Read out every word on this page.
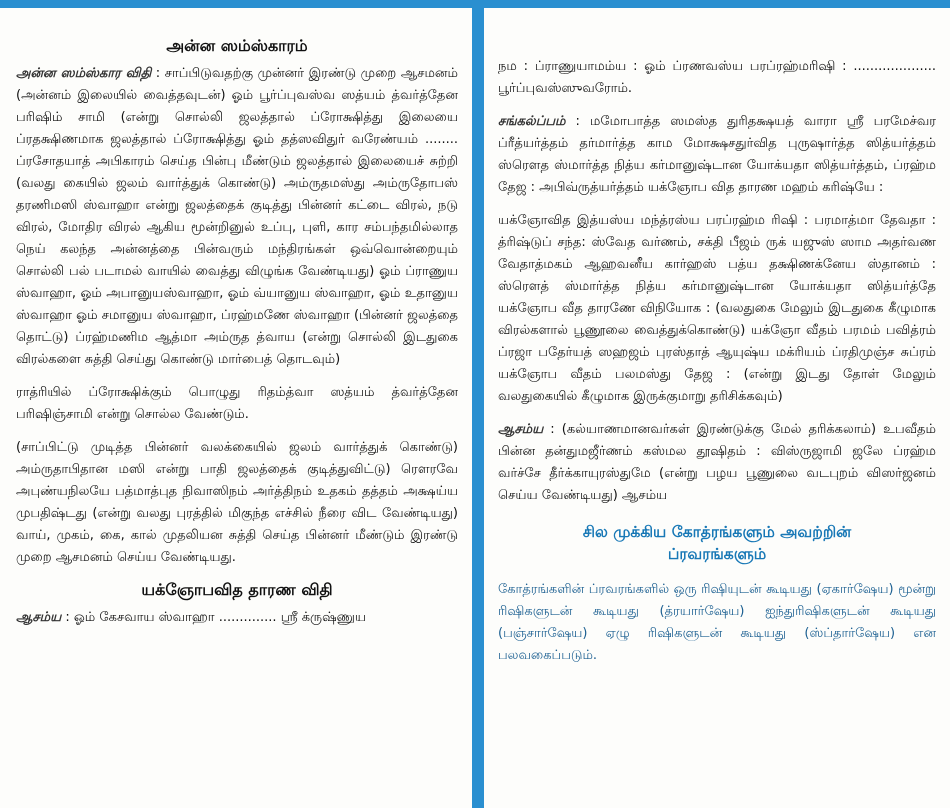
அன்ன ஸம்ஸ்காரம்

அன்ன ஸம்ஸ்கார விதி : சாப்பிடுவதற்கு முன்னர் இரண்டு முறை ஆசமனம் (அன்னம் இலையில் வைத்தவுடன்) ஓம் பூர்ப்புவஸ்வ ஸத்யம் த்வர்த்தேன பரிஷிம் சாமி (என்று சொல்லி ஜலத்தால் ப்ரோக்ஷித்து இலையை ப்ரதக்ஷிணமாக ஜலத்தால் ப்ரோக்ஷித்து ஓம் தத்ஸவிதுர் வரேண்யம் ........ ப்ரசோதயாத் அபிகாரம் செய்த பின்பு மீண்டும் ஜலத்தால் இலையைச் சுற்றி (வலது கையில் ஜலம் வார்த்துக் கொண்டு) அம்ருதமஸ்து அம்ருதோபஸ் தரணிமஸி ஸ்வாஹா என்று ஜலத்தைக் குடித்து பின்னர் கட்டை விரல், நடு விரல், மோதிர விரல் ஆகிய மூன்றினுல் உப்பு, புளி, கார சம்பந்தமில்லாத நெய் கலந்த அன்னத்தை பின்வரும் மந்திரங்கள் ஒவ்வொன்றையும் சொல்லி பல் படாமல் வாயில் வைத்து விழுங்க வேண்டியது) ஓம் ப்ராணுய ஸ்வாஹா, ஓம் அபானுயஸ்வாஹா, ஓம் வ்யானுய ஸ்வாஹா, ஓம் உதானுய ஸ்வாஹா ஓம் சமானுய ஸ்வாஹா, ப்ரஹ்மணே ஸ்வாஹா (பின்னர் ஜலத்தை தொட்டு) ப்ரஹ்மணிம ஆத்மா அம்ருத த்வாய (என்று சொல்லி இடதுகை விரல்களை சுத்தி செய்து கொண்டு மார்பைத் தொடவும்)

ராத்ரியில் ப்ரோக்ஷிக்கும் பொழுது ரிதம்த்வா ஸத்யம் த்வர்த்தேன பரிஷிஞ்சாமி என்று சொல்ல வேண்டும்.

(சாப்பிட்டு முடித்த பின்னர் வலக்கையில் ஜலம் வார்த்துக் கொண்டு) அம்ருதாபிதான மஸி என்று பாதி ஜலத்தைக் குடித்துவிட்டு) ரௌரவே அபுண்யநிலயே பத்மாத்புத நிவாஸிநம் அர்த்திநம் உதகம் தத்தம் அக்ஷய்ய முபதிஷ்டது (என்று வலது புரத்தில் மிகுந்த எச்சில் நீரை விட வேண்டியது) வாய், முகம், கை, கால் முதலியன சுத்தி செய்த பின்னர் மீண்டும் இரண்டு முறை ஆசமனம் செய்ய வேண்டியது.

யக்ஞோபவித தாரண விதி

ஆசம்ய : ஓம் கேசவாய ஸ்வாஹா .............. ஸ்ரீ க்ருஷ்ணுய

நம : ப்ராணுயாமம்ய : ஓம் ப்ரணவஸ்ய பரப்ரஹ்மரிஷி : .................... பூர்ப்புவஸ்ஸுவரோம்.

சங்கல்ப்பம் : மமோபாத்த ஸமஸ்த துரிதக்ஷயத் வாரா ஸ்ரீ பரமேச்வர ப்ரீத்யர்த்தம் தர்மார்த்த காம மோக்ஷசதுர்வித புருஷார்த்த ஸித்யர்த்தம் ஸ்ரௌத ஸ்மார்த்த நித்ய கர்மானுஷ்டான யோக்யதா ஸித்யர்த்தம், ப்ரஹ்ம தேஜ : அபிவ்ருத்யர்த்தம் யக்ஞோப வித தாரண மஹம் கரிஷ்யே :

யக்ஞோவித இத்யஸ்ய மந்த்ரஸ்ய பரப்ரஹ்ம ரிஷி : பரமாத்மா தேவதா : த்ரிஷ்டுப் சந்த: ஸ்வேத வர்ணம், சக்தி பீஜம் ருக் யஜுஸ் ஸாம அதர்வண வேதாத்மகம் ஆஹவனீய கார்ஹஸ் பத்ய தக்ஷிணக்னேய ஸ்தானம் : ஸ்ரௌத் ஸ்மார்த்த நித்ய கர்மானுஷ்டான யோக்யதா ஸித்யர்த்தே யக்ஞோப வீத தாரணே விநியோக : (வலதுகை மேலும் இடதுகை கீழுமாக விரல்களால் பூணூலை வைத்துக்கொண்டு) யக்ஞோ வீதம் பரமம் பவித்ரம் ப்ரஜா பதேர்யத் ஸஹஜம் புரஸ்தாத் ஆயுஷ்ய மக்ரியம் ப்ரதிமுஞ்ச சுப்ரம் யக்ஞோப வீதம் பலமஸ்து தேஜ : (என்று இடது தோள் மேலும் வலதுகையில் கீழுமாக இருக்குமாறு தரிசிக்கவும்)

ஆசம்ய : (கல்யாணமானவர்கள் இரண்டுக்கு மேல் தரிக்கலாம்) உபவீதம் பின்ன தன்துமஜீர்ணம் கஸ்மல தூஷிதம் : விஸ்ருஜாமி ஜலே ப்ரஹ்ம வர்ச்சே தீர்க்காயுரஸ்துமே (என்று பழய பூணுலை வடபுறம் விஸர்ஜனம் செய்ய வேண்டியது) ஆசம்ய

சில முக்கிய கோத்ரங்களும் அவற்றின்
ப்ரவரங்களும்

கோத்ரங்களின் ப்ரவரங்களில் ஒரு ரிஷியுடன் கூடியது (ஏகார்ஷேய) மூன்று ரிஷிகளுடன் கூடியது (த்ரயார்ஷேய) ஐந்துரிஷிகளுடன் கூடியது (பஞ்சார்ஷேய) ஏழு ரிஷிகளுடன் கூடியது (ஸ்ப்தார்ஷேய) என பலவகைப்படும்.
